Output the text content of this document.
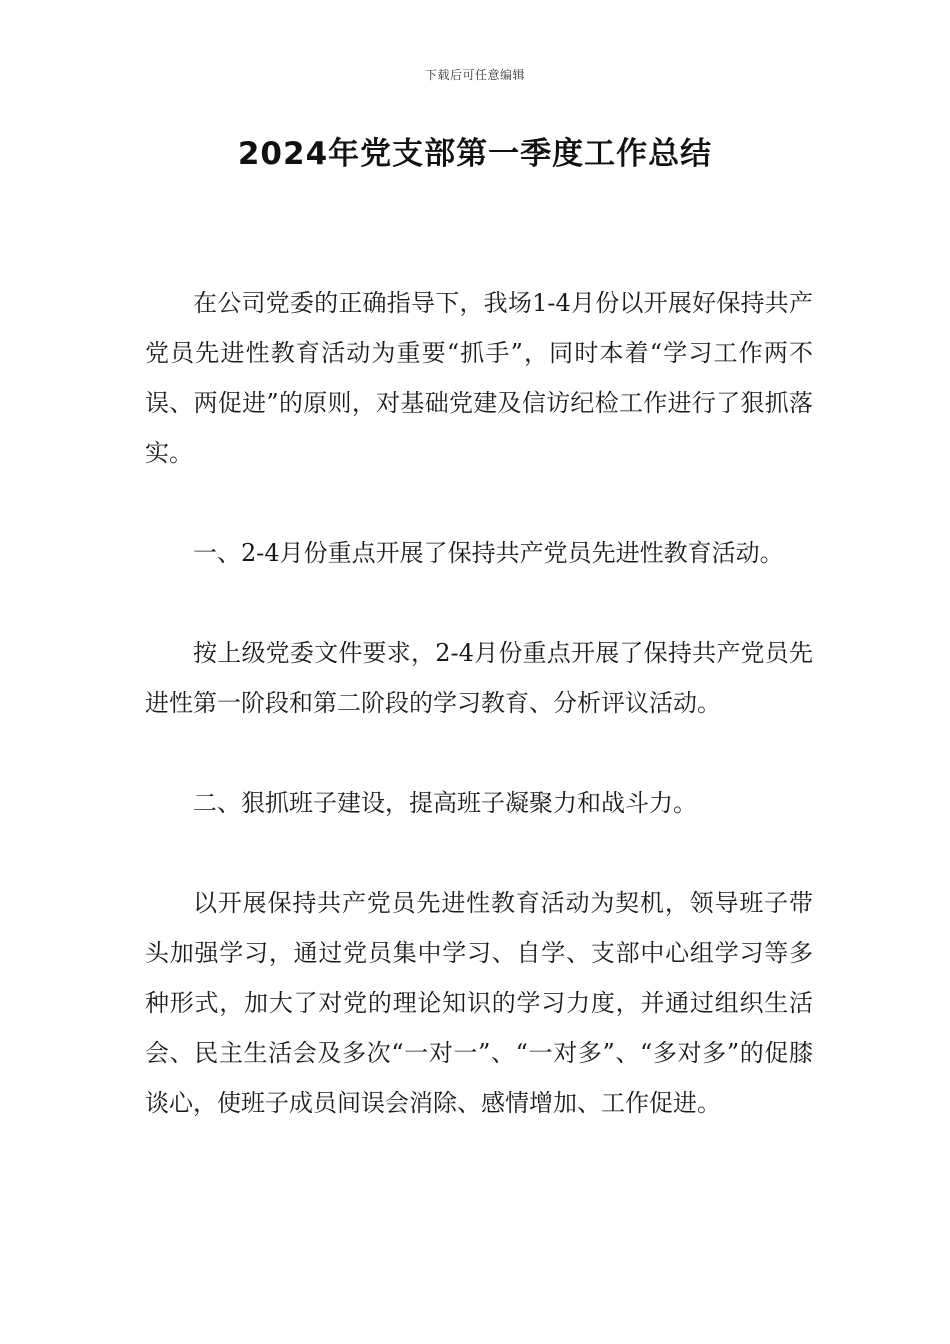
下载后可任意编辑
2024年党支部第一季度工作总结

在公司党委的正确指导下，我场1-4月份以开展好保持共产党员先进性教育活动为重要“抓手”，同时本着“学习工作两不误、两促进”的原则，对基础党建及信访纪检工作进行了狠抓落实。

一、2-4月份重点开展了保持共产党员先进性教育活动。

按上级党委文件要求，2-4月份重点开展了保持共产党员先进性第一阶段和第二阶段的学习教育、分析评议活动。

二、狠抓班子建设，提高班子凝聚力和战斗力。

以开展保持共产党员先进性教育活动为契机，领导班子带头加强学习，通过党员集中学习、自学、支部中心组学习等多种形式，加大了对党的理论知识的学习力度，并通过组织生活会、民主生活会及多次“一对一”、“一对多”、“多对多”的促膝谈心，使班子成员间误会消除、感情增加、工作促进。
